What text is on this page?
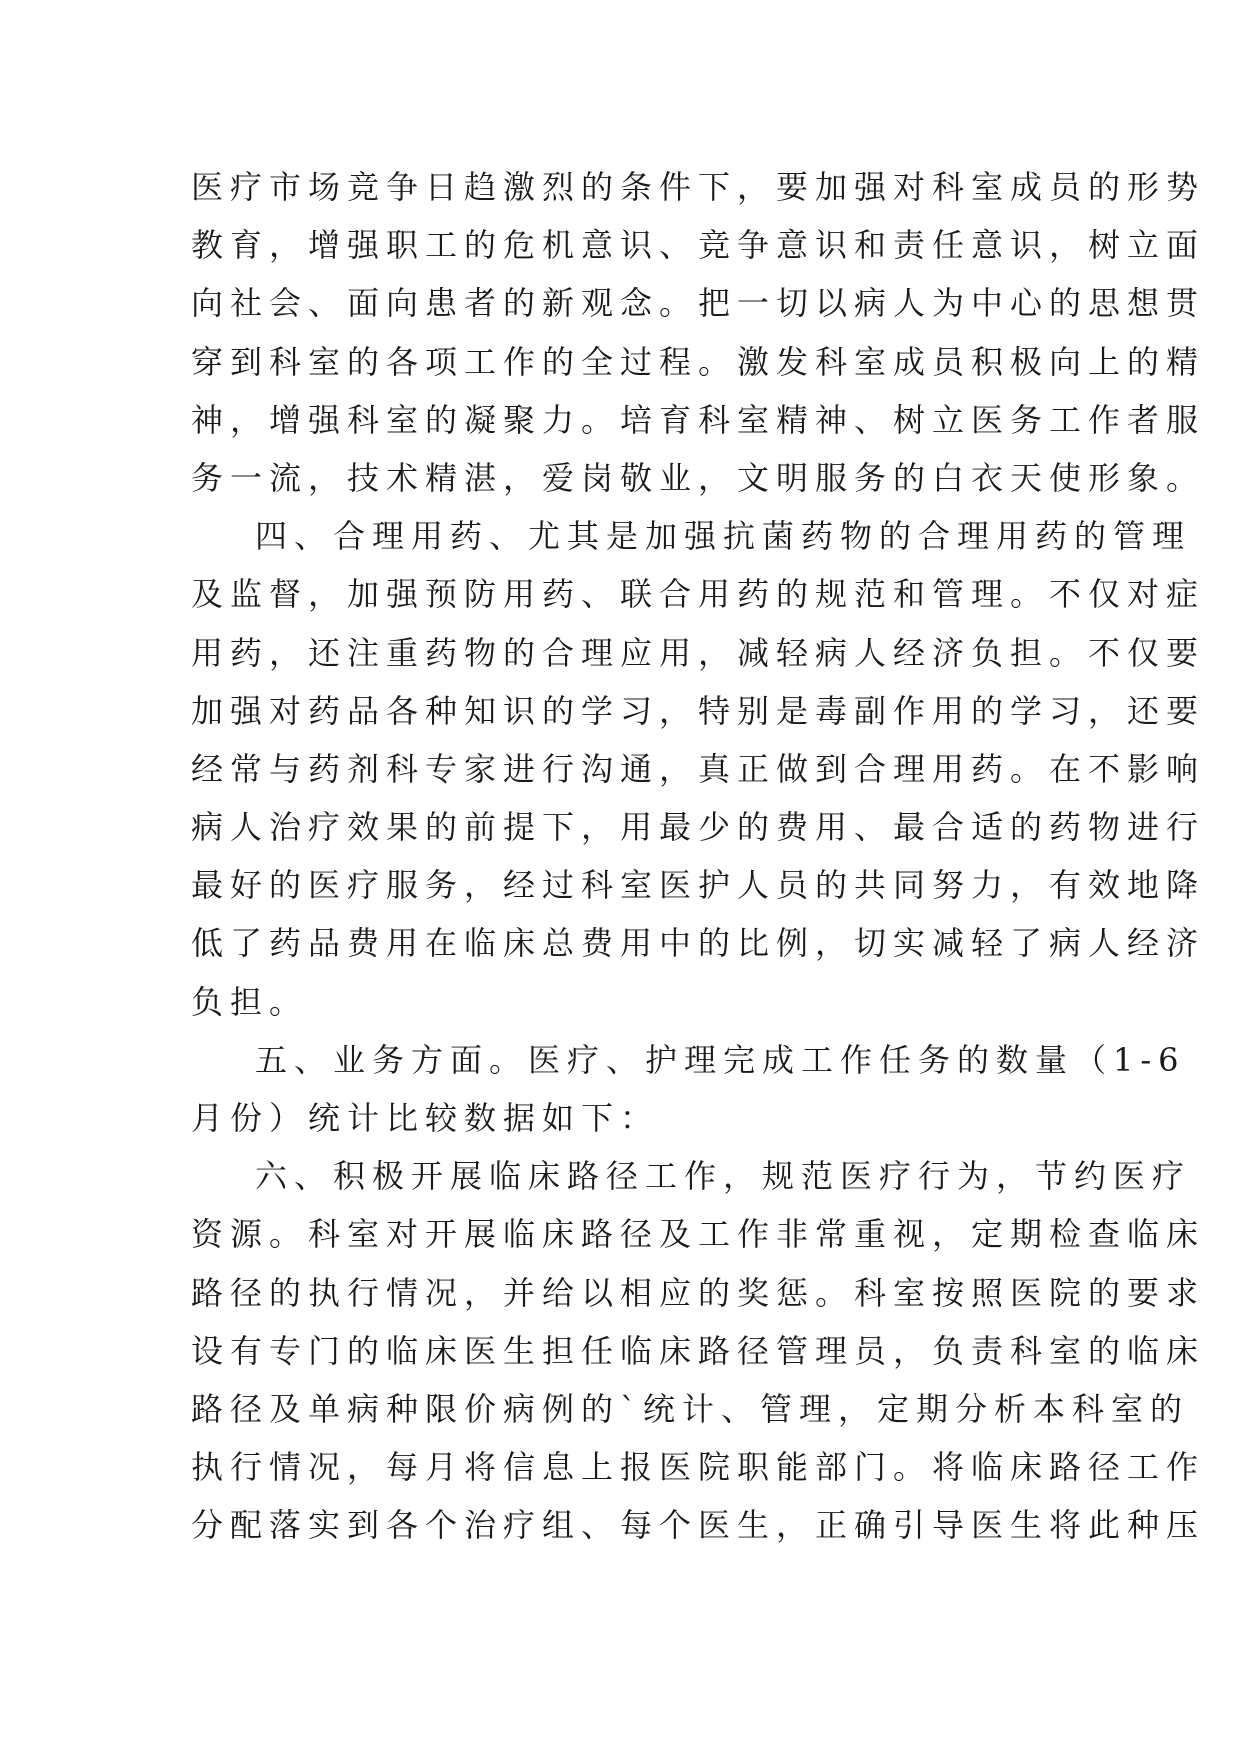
医疗市场竞争日趋激烈的条件下，要加强对科室成员的形势
教育，增强职工的危机意识、竞争意识和责任意识，树立面
向社会、面向患者的新观念。把一切以病人为中心的思想贯
穿到科室的各项工作的全过程。激发科室成员积极向上的精
神，增强科室的凝聚力。培育科室精神、树立医务工作者服
务一流，技术精湛，爱岗敬业，文明服务的白衣天使形象。
四、合理用药、尤其是加强抗菌药物的合理用药的管理
及监督，加强预防用药、联合用药的规范和管理。不仅对症
用药，还注重药物的合理应用，减轻病人经济负担。不仅要
加强对药品各种知识的学习，特别是毒副作用的学习，还要
经常与药剂科专家进行沟通，真正做到合理用药。在不影响
病人治疗效果的前提下，用最少的费用、最合适的药物进行
最好的医疗服务，经过科室医护人员的共同努力，有效地降
低了药品费用在临床总费用中的比例，切实减轻了病人经济
负担。
五、业务方面。医疗、护理完成工作任务的数量（1-6
月份）统计比较数据如下：
六、积极开展临床路径工作，规范医疗行为，节约医疗
资源。科室对开展临床路径及工作非常重视，定期检查临床
路径的执行情况，并给以相应的奖惩。科室按照医院的要求
设有专门的临床医生担任临床路径管理员，负责科室的临床
路径及单病种限价病例的`统计、管理，定期分析本科室的
执行情况，每月将信息上报医院职能部门。将临床路径工作
分配落实到各个治疗组、每个医生，正确引导医生将此种压
